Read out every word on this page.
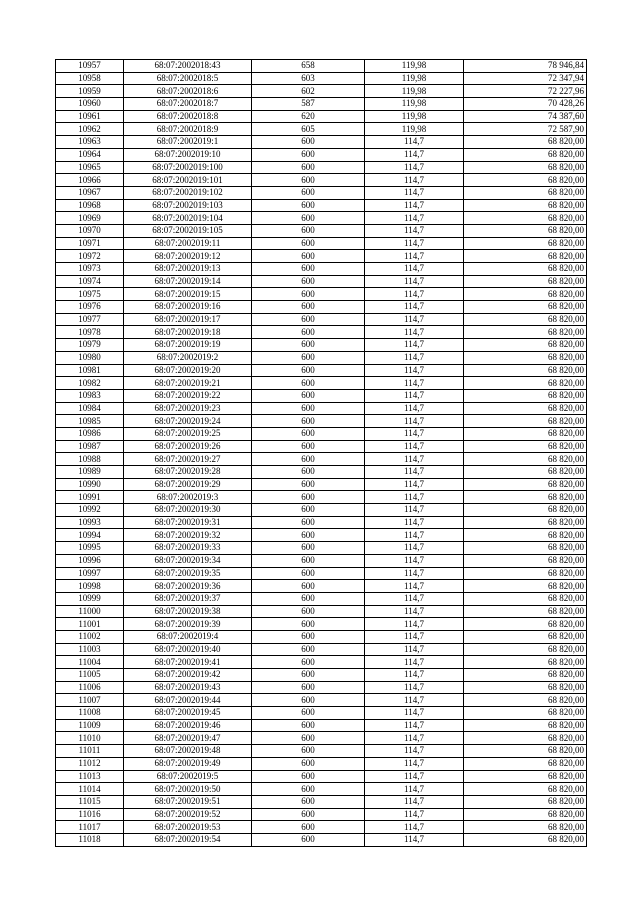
10957	68:07:2002018:43	658	119,98	78 946,84
10958	68:07:2002018:5	603	119,98	72 347,94
10959	68:07:2002018:6	602	119,98	72 227,96
10960	68:07:2002018:7	587	119,98	70 428,26
10961	68:07:2002018:8	620	119,98	74 387,60
10962	68:07:2002018:9	605	119,98	72 587,90
10963	68:07:2002019:1	600	114,7	68 820,00
10964	68:07:2002019:10	600	114,7	68 820,00
10965	68:07:2002019:100	600	114,7	68 820,00
10966	68:07:2002019:101	600	114,7	68 820,00
10967	68:07:2002019:102	600	114,7	68 820,00
10968	68:07:2002019:103	600	114,7	68 820,00
10969	68:07:2002019:104	600	114,7	68 820,00
10970	68:07:2002019:105	600	114,7	68 820,00
10971	68:07:2002019:11	600	114,7	68 820,00
10972	68:07:2002019:12	600	114,7	68 820,00
10973	68:07:2002019:13	600	114,7	68 820,00
10974	68:07:2002019:14	600	114,7	68 820,00
10975	68:07:2002019:15	600	114,7	68 820,00
10976	68:07:2002019:16	600	114,7	68 820,00
10977	68:07:2002019:17	600	114,7	68 820,00
10978	68:07:2002019:18	600	114,7	68 820,00
10979	68:07:2002019:19	600	114,7	68 820,00
10980	68:07:2002019:2	600	114,7	68 820,00
10981	68:07:2002019:20	600	114,7	68 820,00
10982	68:07:2002019:21	600	114,7	68 820,00
10983	68:07:2002019:22	600	114,7	68 820,00
10984	68:07:2002019:23	600	114,7	68 820,00
10985	68:07:2002019:24	600	114,7	68 820,00
10986	68:07:2002019:25	600	114,7	68 820,00
10987	68:07:2002019:26	600	114,7	68 820,00
10988	68:07:2002019:27	600	114,7	68 820,00
10989	68:07:2002019:28	600	114,7	68 820,00
10990	68:07:2002019:29	600	114,7	68 820,00
10991	68:07:2002019:3	600	114,7	68 820,00
10992	68:07:2002019:30	600	114,7	68 820,00
10993	68:07:2002019:31	600	114,7	68 820,00
10994	68:07:2002019:32	600	114,7	68 820,00
10995	68:07:2002019:33	600	114,7	68 820,00
10996	68:07:2002019:34	600	114,7	68 820,00
10997	68:07:2002019:35	600	114,7	68 820,00
10998	68:07:2002019:36	600	114,7	68 820,00
10999	68:07:2002019:37	600	114,7	68 820,00
11000	68:07:2002019:38	600	114,7	68 820,00
11001	68:07:2002019:39	600	114,7	68 820,00
11002	68:07:2002019:4	600	114,7	68 820,00
11003	68:07:2002019:40	600	114,7	68 820,00
11004	68:07:2002019:41	600	114,7	68 820,00
11005	68:07:2002019:42	600	114,7	68 820,00
11006	68:07:2002019:43	600	114,7	68 820,00
11007	68:07:2002019:44	600	114,7	68 820,00
11008	68:07:2002019:45	600	114,7	68 820,00
11009	68:07:2002019:46	600	114,7	68 820,00
11010	68:07:2002019:47	600	114,7	68 820,00
11011	68:07:2002019:48	600	114,7	68 820,00
11012	68:07:2002019:49	600	114,7	68 820,00
11013	68:07:2002019:5	600	114,7	68 820,00
11014	68:07:2002019:50	600	114,7	68 820,00
11015	68:07:2002019:51	600	114,7	68 820,00
11016	68:07:2002019:52	600	114,7	68 820,00
11017	68:07:2002019:53	600	114,7	68 820,00
11018	68:07:2002019:54	600	114,7	68 820,00
